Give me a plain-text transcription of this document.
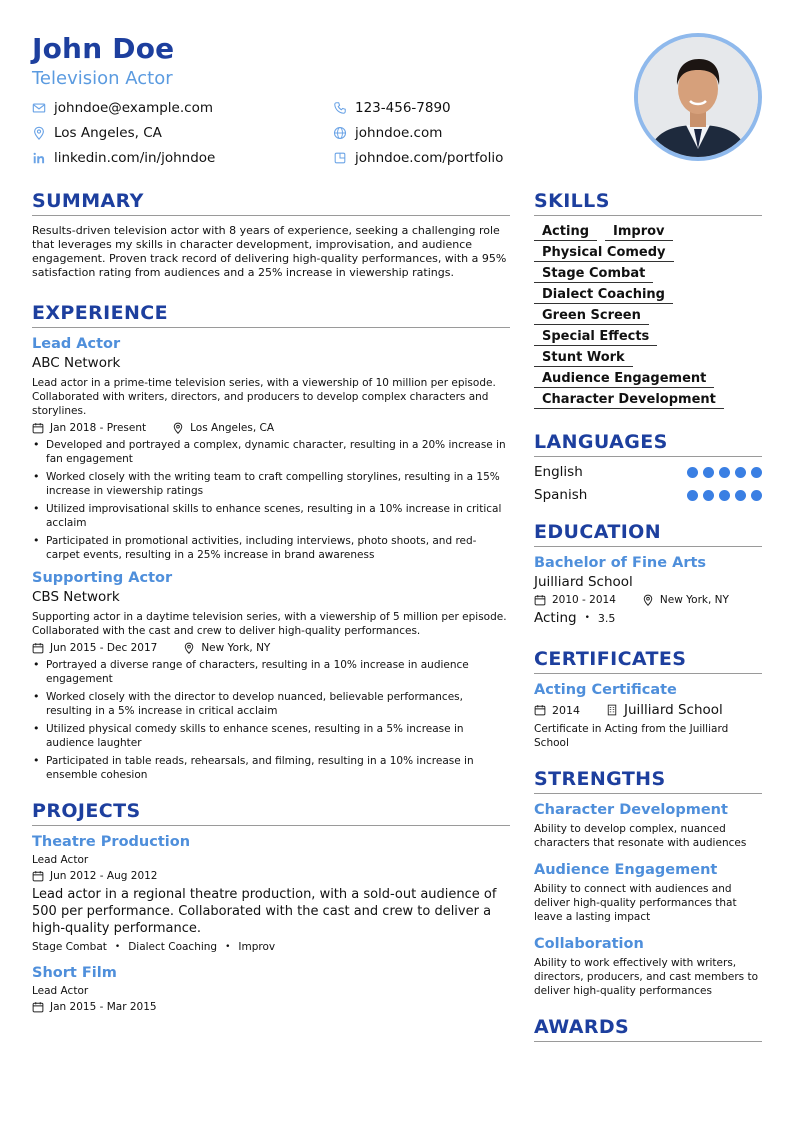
John Doe
Television Actor
johndoe@example.com	123-456-7890
Los Angeles, CA	johndoe.com
linkedin.com/in/johndoe	johndoe.com/portfolio
SUMMARY
Results-driven television actor with 8 years of experience, seeking a challenging role that leverages my skills in character development, improvisation, and audience engagement. Proven track record of delivering high-quality performances, with a 95% satisfaction rating from audiences and a 25% increase in viewership ratings.
EXPERIENCE
Lead Actor
ABC Network
Lead actor in a prime-time television series, with a viewership of 10 million per episode. Collaborated with writers, directors, and producers to develop complex characters and storylines.
Jan 2018 - Present	Los Angeles, CA
• Developed and portrayed a complex, dynamic character, resulting in a 20% increase in fan engagement
• Worked closely with the writing team to craft compelling storylines, resulting in a 15% increase in viewership ratings
• Utilized improvisational skills to enhance scenes, resulting in a 10% increase in critical acclaim
• Participated in promotional activities, including interviews, photo shoots, and red-carpet events, resulting in a 25% increase in brand awareness
Supporting Actor
CBS Network
Supporting actor in a daytime television series, with a viewership of 5 million per episode. Collaborated with the cast and crew to deliver high-quality performances.
Jun 2015 - Dec 2017	New York, NY
• Portrayed a diverse range of characters, resulting in a 10% increase in audience engagement
• Worked closely with the director to develop nuanced, believable performances, resulting in a 5% increase in critical acclaim
• Utilized physical comedy skills to enhance scenes, resulting in a 5% increase in audience laughter
• Participated in table reads, rehearsals, and filming, resulting in a 10% increase in ensemble cohesion
PROJECTS
Theatre Production
Lead Actor
Jun 2012 - Aug 2012
Lead actor in a regional theatre production, with a sold-out audience of 500 per performance. Collaborated with the cast and crew to deliver a high-quality performance.
Stage Combat • Dialect Coaching • Improv
Short Film
Lead Actor
Jan 2015 - Mar 2015
SKILLS
Acting	Improv
Physical Comedy
Stage Combat
Dialect Coaching
Green Screen
Special Effects
Stunt Work
Audience Engagement
Character Development
LANGUAGES
English
Spanish
EDUCATION
Bachelor of Fine Arts
Juilliard School
2010 - 2014	New York, NY
Acting • 3.5
CERTIFICATES
Acting Certificate
2014	Juilliard School
Certificate in Acting from the Juilliard School
STRENGTHS
Character Development
Ability to develop complex, nuanced characters that resonate with audiences
Audience Engagement
Ability to connect with audiences and deliver high-quality performances that leave a lasting impact
Collaboration
Ability to work effectively with writers, directors, producers, and cast members to deliver high-quality performances
AWARDS
